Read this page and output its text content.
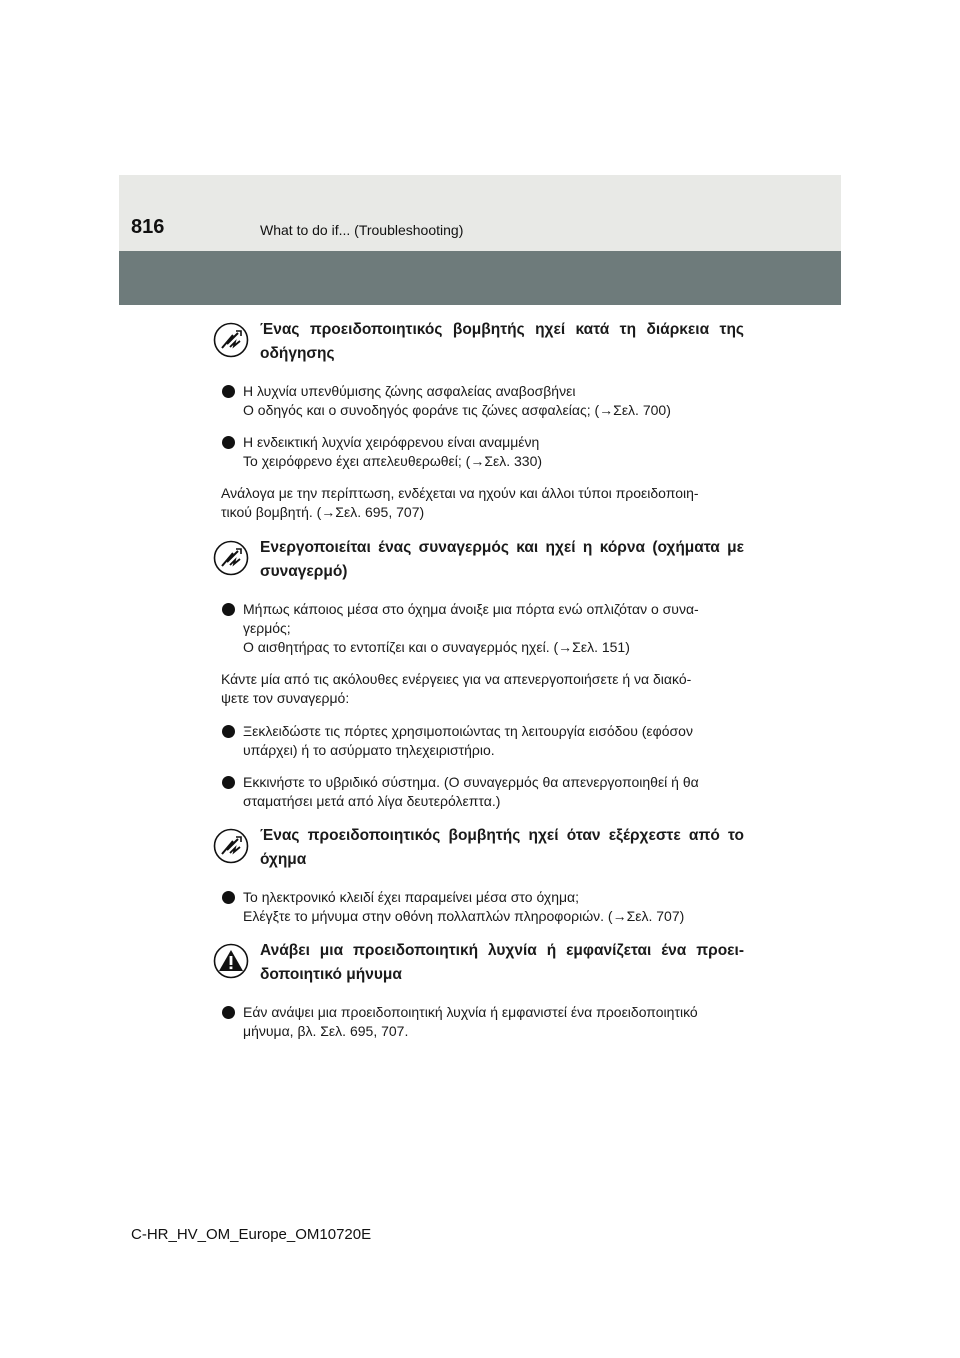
816	What to do if... (Troubleshooting)
Ένας προειδοποιητικός βομβητής ηχεί κατά τη διάρκεια της οδήγησης
Η λυχνία υπενθύμισης ζώνης ασφαλείας αναβοσβήνει
Ο οδηγός και ο συνοδηγός φοράνε τις ζώνες ασφαλείας; (→Σελ. 700)
Η ενδεικτική λυχνία χειρόφρενου είναι αναμμένη
Το χειρόφρενο έχει απελευθερωθεί; (→Σελ. 330)
Ανάλογα με την περίπτωση, ενδέχεται να ηχούν και άλλοι τύποι προειδοποιη-
τικού βομβητή. (→Σελ. 695, 707)
Ενεργοποιείται ένας συναγερμός και ηχεί η κόρνα (οχήματα με συναγερμό)
Μήπως κάποιος μέσα στο όχημα άνοιξε μια πόρτα ενώ οπλιζόταν ο συνα-
γερμός;
Ο αισθητήρας το εντοπίζει και ο συναγερμός ηχεί. (→Σελ. 151)
Κάντε μία από τις ακόλουθες ενέργειες για να απενεργοποιήσετε ή να διακό-
ψετε τον συναγερμό:
Ξεκλειδώστε τις πόρτες χρησιμοποιώντας τη λειτουργία εισόδου (εφόσον
υπάρχει) ή το ασύρματο τηλεχειριστήριο.
Εκκινήστε το υβριδικό σύστημα. (Ο συναγερμός θα απενεργοποιηθεί ή θα
σταματήσει μετά από λίγα δευτερόλεπτα.)
Ένας προειδοποιητικός βομβητής ηχεί όταν εξέρχεστε από το όχημα
Το ηλεκτρονικό κλειδί έχει παραμείνει μέσα στο όχημα;
Ελέγξτε το μήνυμα στην οθόνη πολλαπλών πληροφοριών. (→Σελ. 707)
Ανάβει μια προειδοποιητική λυχνία ή εμφανίζεται ένα προει- δοποιητικό μήνυμα
Εάν ανάψει μια προειδοποιητική λυχνία ή εμφανιστεί ένα προειδοποιητικό
μήνυμα, βλ. Σελ. 695, 707.
C-HR_HV_OM_Europe_OM10720E
